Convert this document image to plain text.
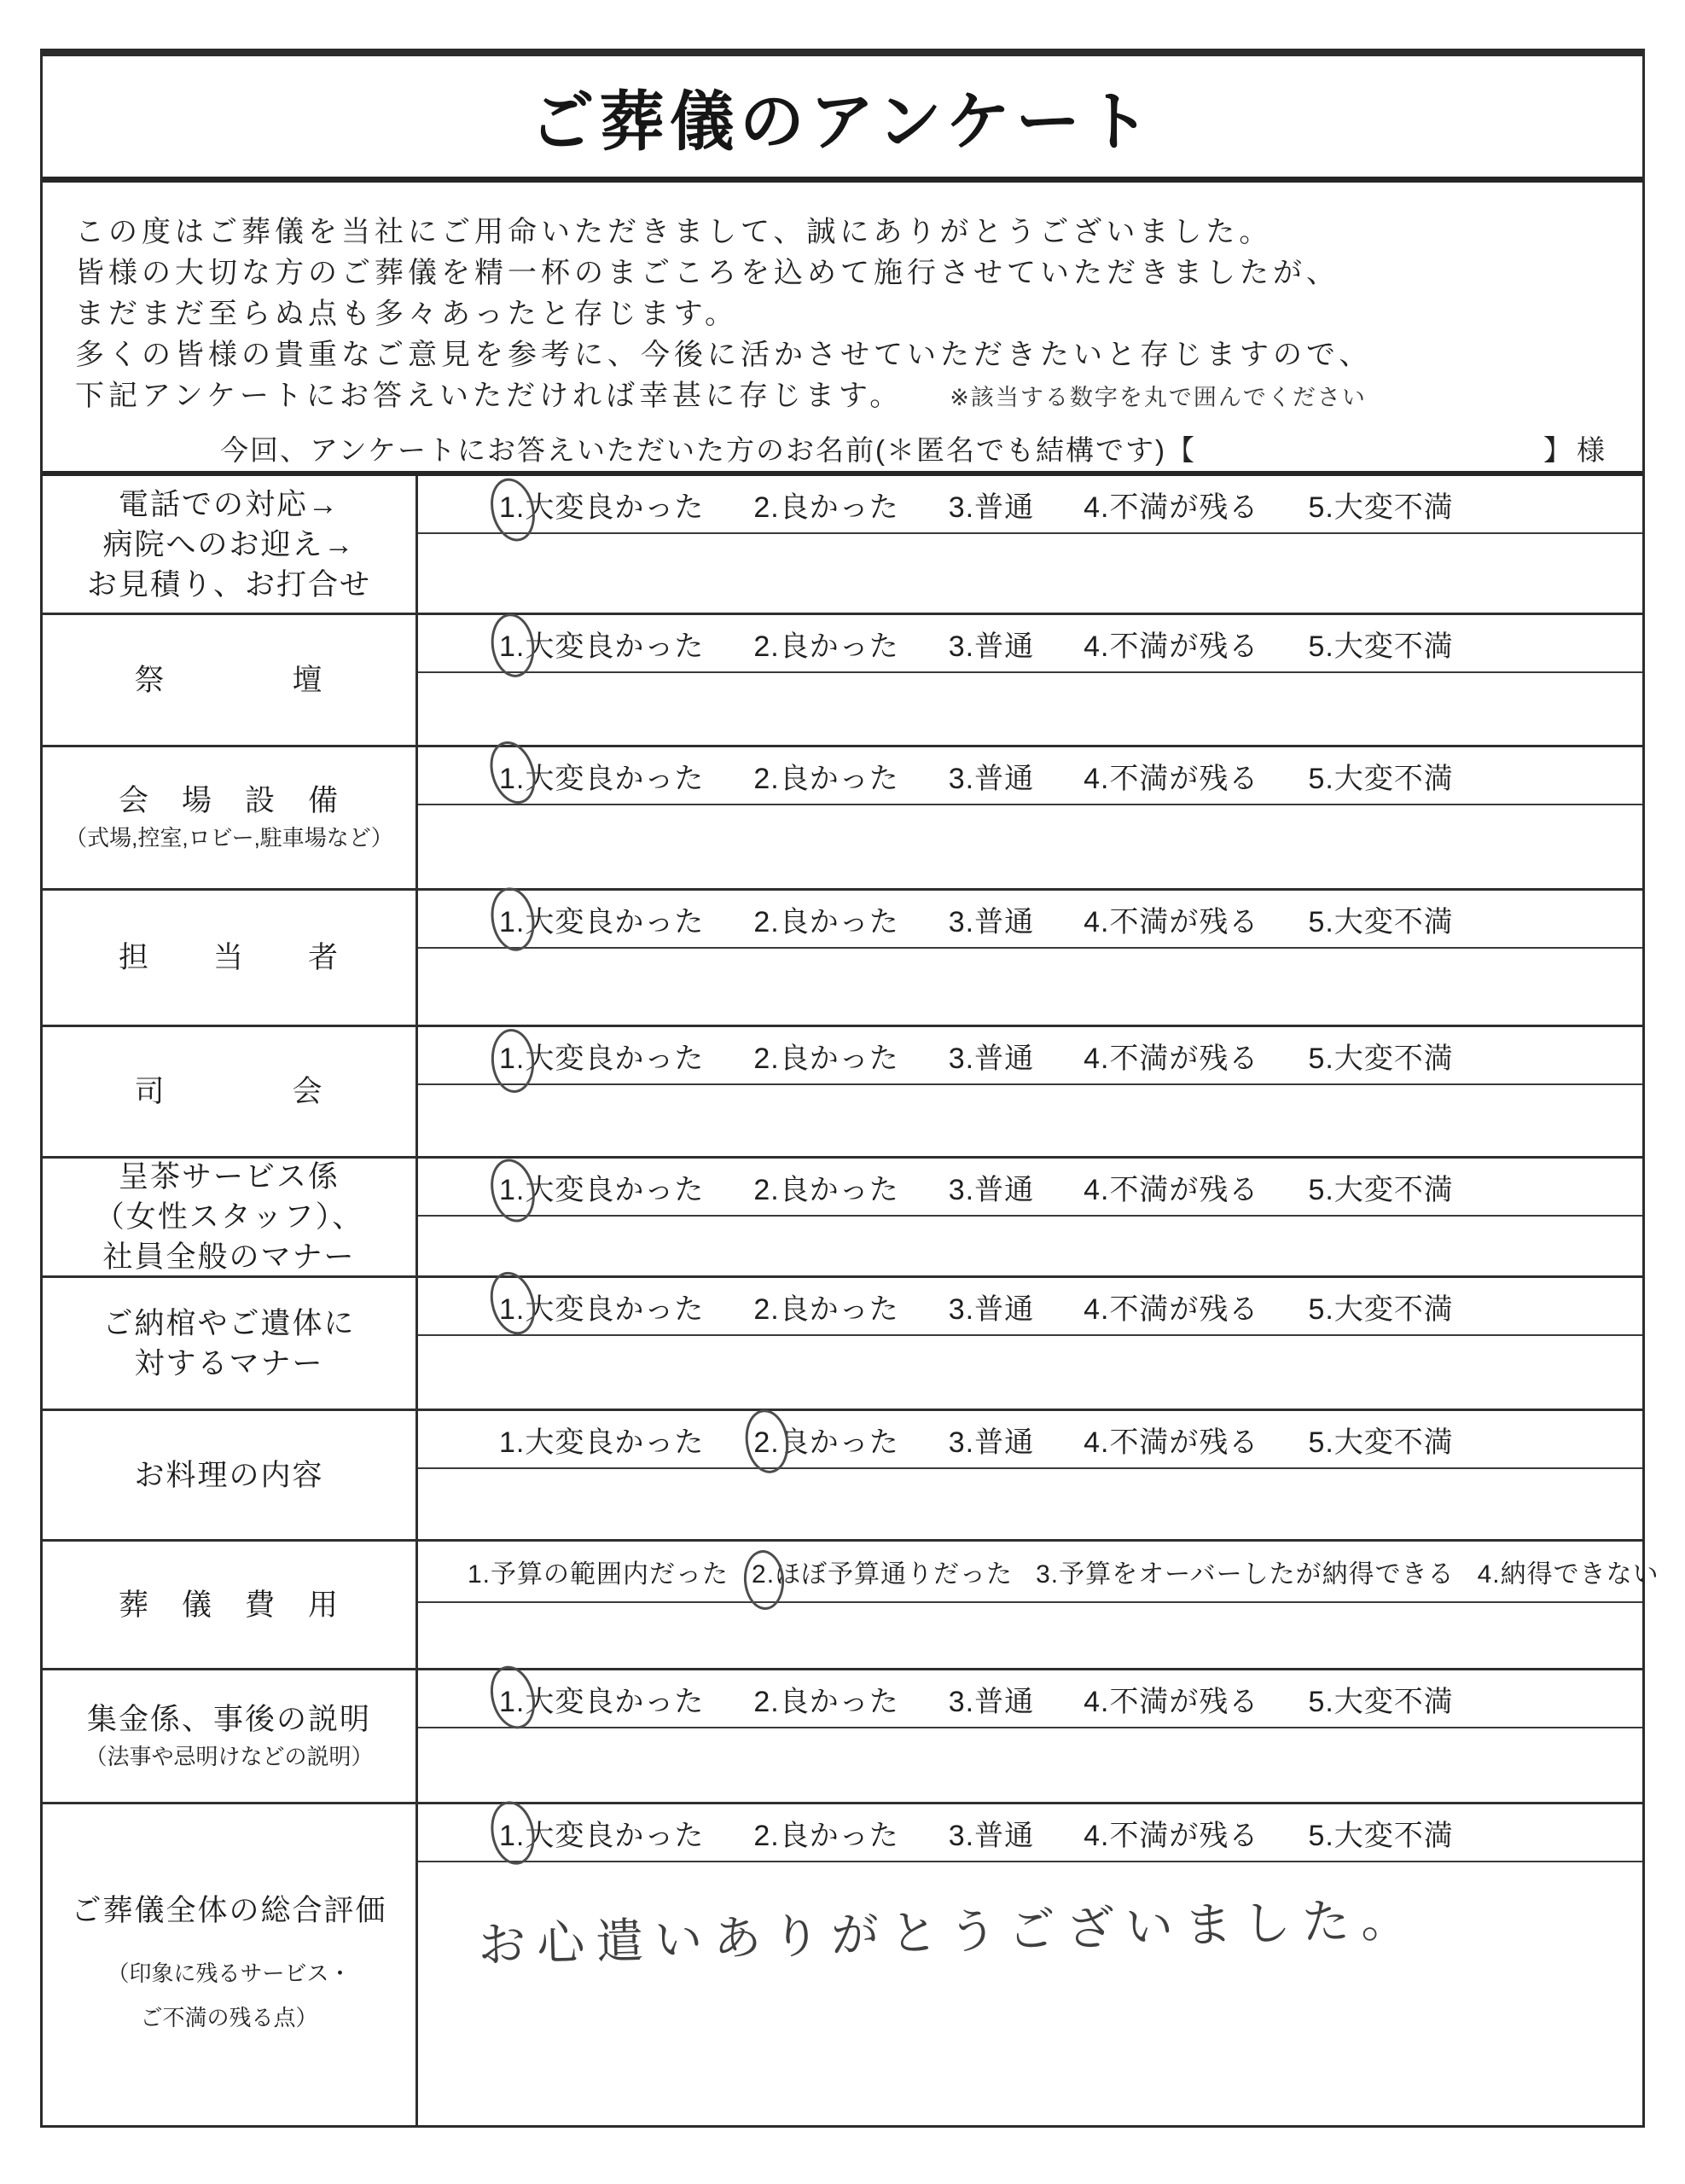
ご葬儀のアンケート
この度はご葬儀を当社にご用命いただきまして、誠にありがとうございました。
皆様の大切な方のご葬儀を精一杯のまごころを込めて施行させていただきましたが、
まだまだ至らぬ点も多々あったと存じます。
多くの皆様の貴重なご意見を参考に、今後に活かさせていただきたいと存じますので、
下記アンケートにお答えいただければ幸甚に存じます。 ※該当する数字を丸で囲んでください
今回、アンケートにお答えいただいた方のお名前(＊匿名でも結構です)【	】様
電話での対応→
病院へのお迎え→
お見積り、お打合せ
1.
大変良かった 2.良かった 3.普通 4.不満が残る 5.大変不満
祭　　　　壇
1.
大変良かった 2.良かった 3.普通 4.不満が残る 5.大変不満
会　場　設　備
（式場,控室,ロビー,駐車場など）
1.
大変良かった 2.良かった 3.普通 4.不満が残る 5.大変不満
担　　当　　者
1.
大変良かった 2.良かった 3.普通 4.不満が残る 5.大変不満
司　　　　会
1.
大変良かった 2.良かった 3.普通 4.不満が残る 5.大変不満
呈茶サービス係
（女性スタッフ）、
社員全般のマナー
1.
大変良かった 2.良かった 3.普通 4.不満が残る 5.大変不満
ご納棺やご遺体に
対するマナー
1.
大変良かった 2.良かった 3.普通 4.不満が残る 5.大変不満
お料理の内容
1.大変良かった 2.
良かった 3.普通 4.不満が残る 5.大変不満
葬　儀　費　用
1.予算の範囲内だった 2.
ほぼ予算通りだった 3.予算をオーバーしたが納得できる 4.納得できない
集金係、事後の説明
（法事や忌明けなどの説明）
1.
大変良かった 2.良かった 3.普通 4.不満が残る 5.大変不満
ご葬儀全体の総合評価
（印象に残るサービス・
ご不満の残る点）
1.
大変良かった 2.良かった 3.普通 4.不満が残る 5.大変不満
お心遣いありがとうございました。
